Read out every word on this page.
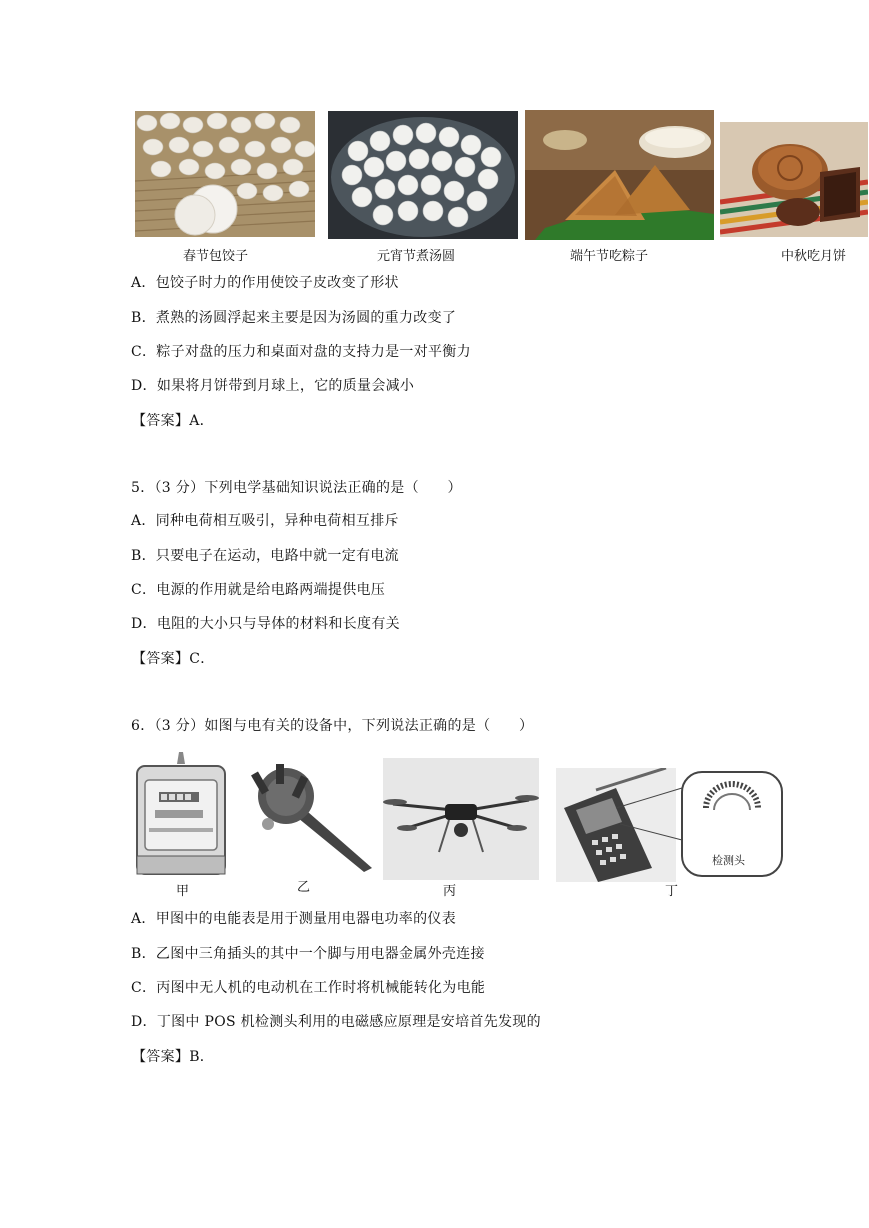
春节包饺子	元宵节煮汤圆	端午节吃粽子	中秋吃月饼
A．包饺子时力的作用使饺子皮改变了形状
B．煮熟的汤圆浮起来主要是因为汤圆的重力改变了
C．粽子对盘的压力和桌面对盘的支持力是一对平衡力
D．如果将月饼带到月球上，它的质量会减小
【答案】A．
5．（3 分）下列电学基础知识说法正确的是（　　）
A．同种电荷相互吸引，异种电荷相互排斥
B．只要电子在运动，电路中就一定有电流
C．电源的作用就是给电路两端提供电压
D．电阻的大小只与导体的材料和长度有关
【答案】C．
6．（3 分）如图与电有关的设备中，下列说法正确的是（　　）
检测头
甲	乙	丙	丁
A．甲图中的电能表是用于测量用电器电功率的仪表
B．乙图中三角插头的其中一个脚与用电器金属外壳连接
C．丙图中无人机的电动机在工作时将机械能转化为电能
D．丁图中 POS 机检测头利用的电磁感应原理是安培首先发现的
【答案】B．
